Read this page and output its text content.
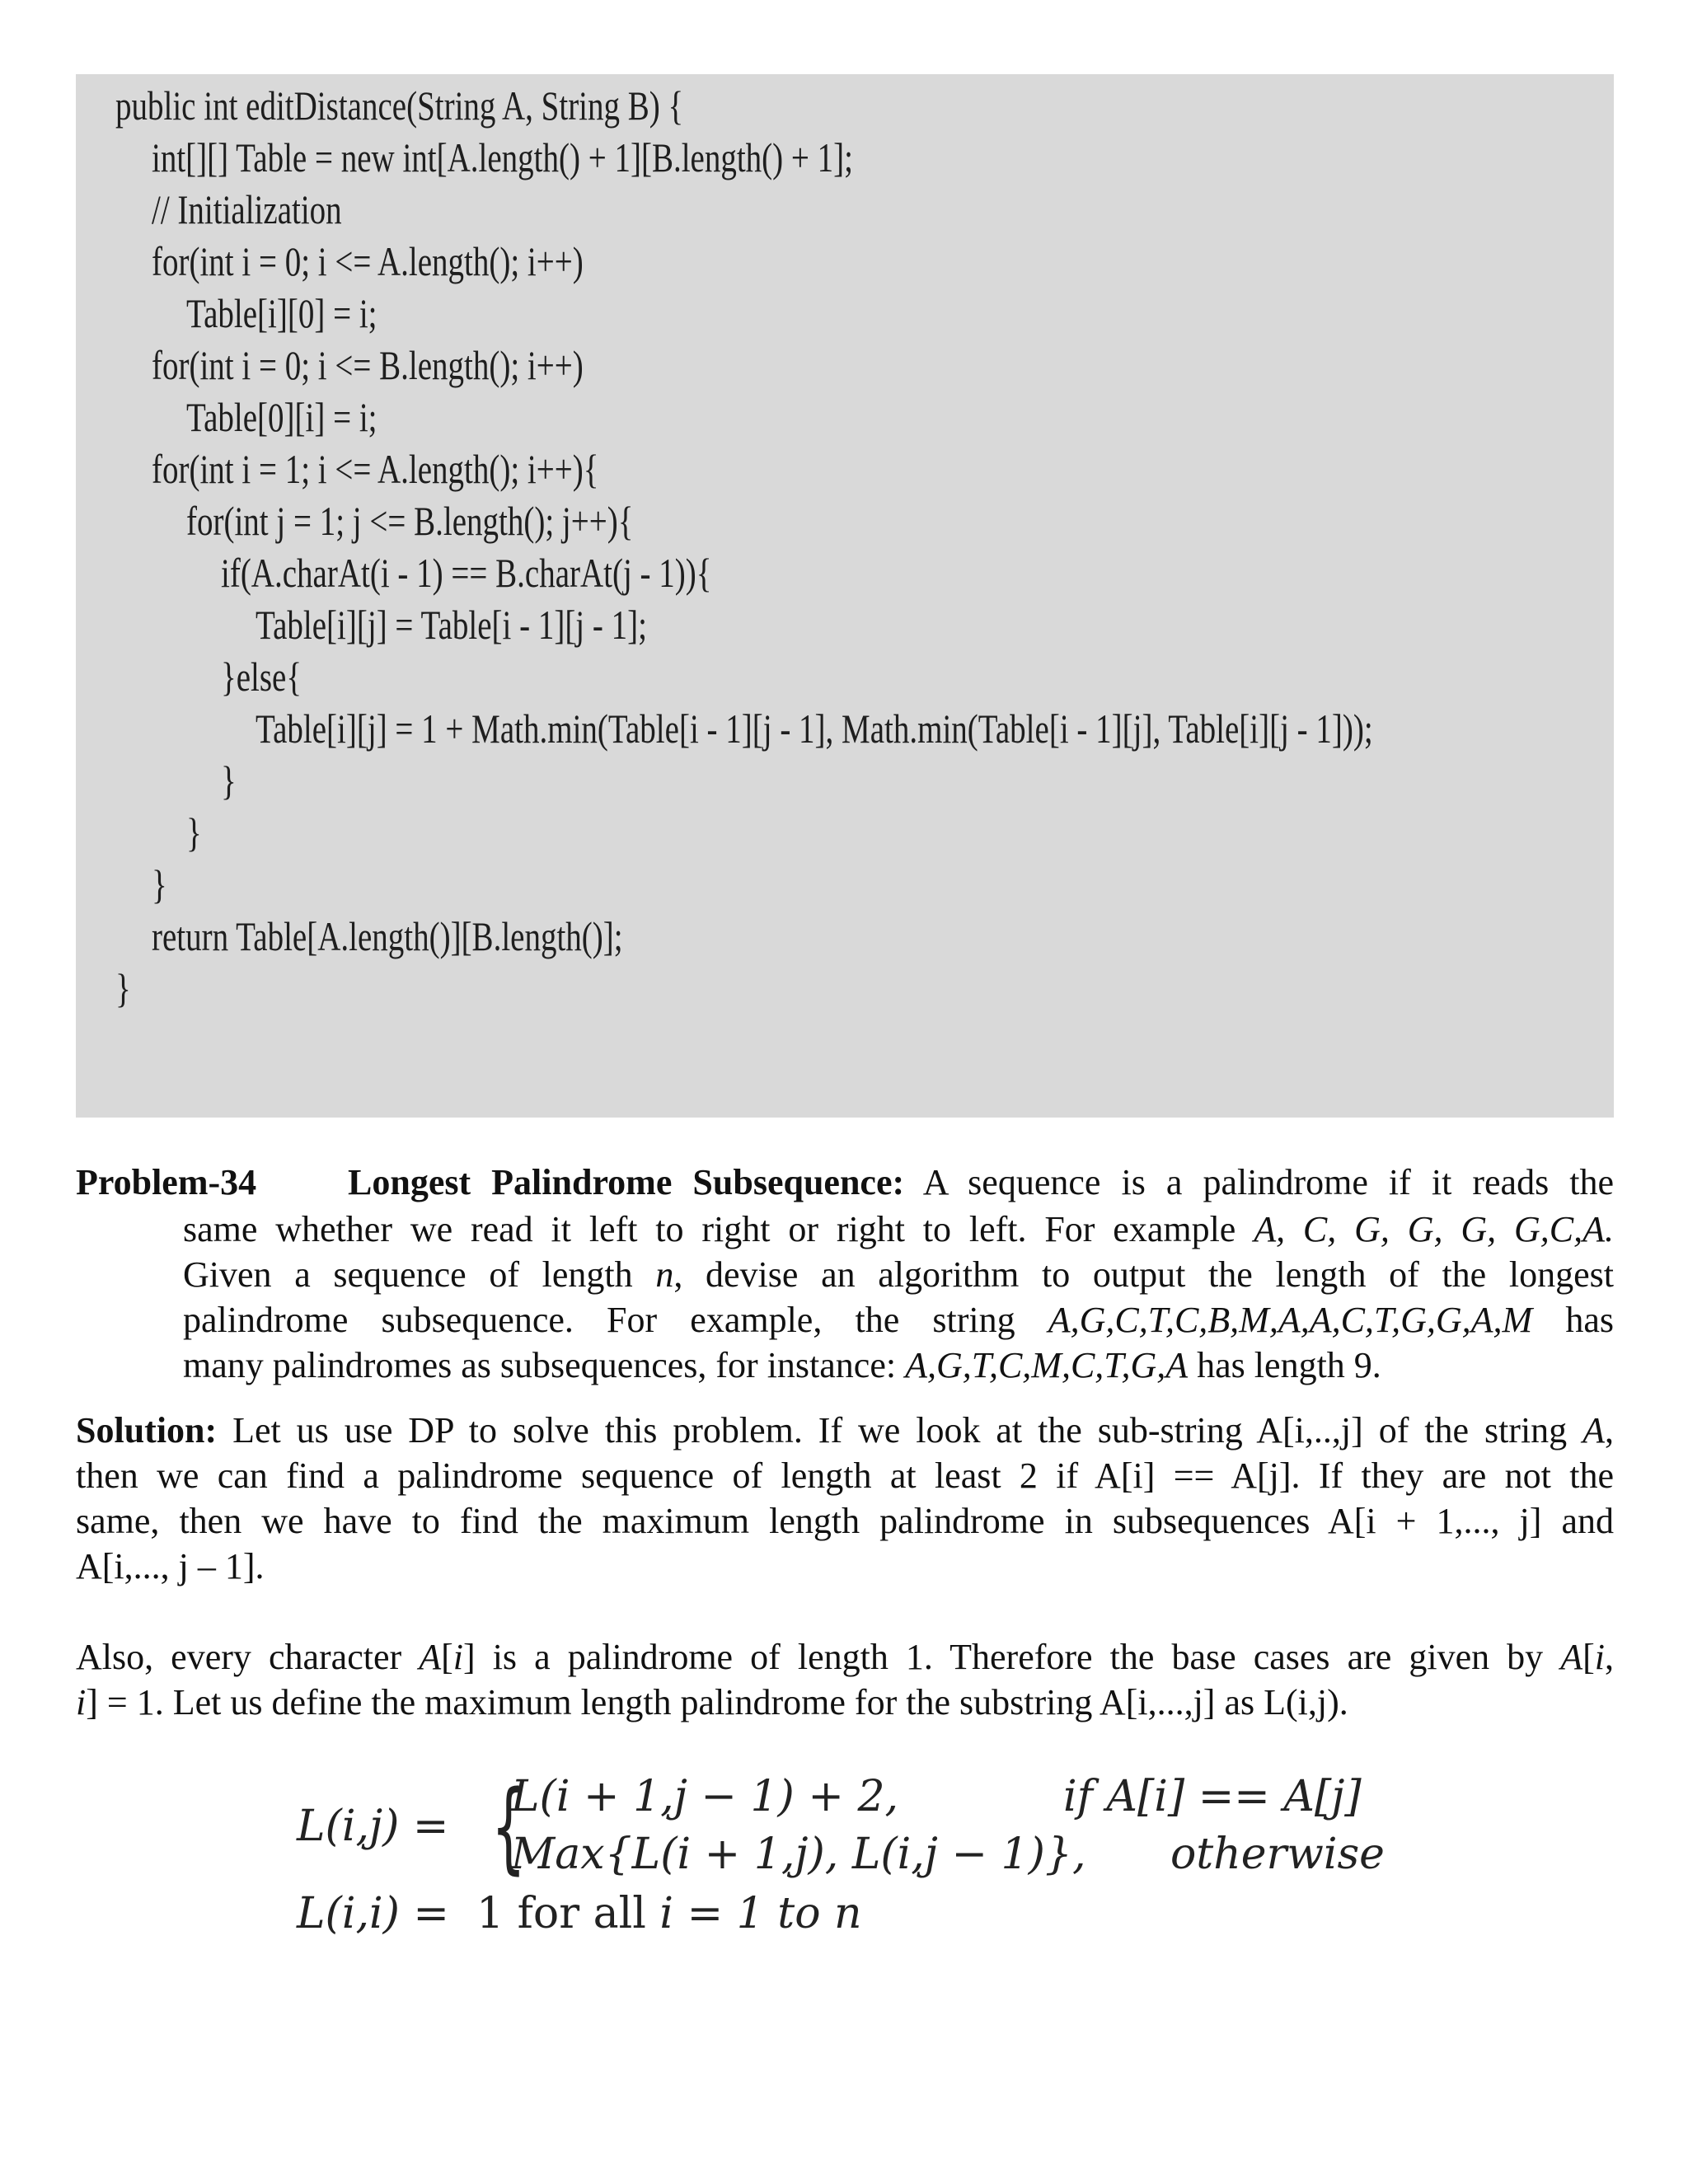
public int editDistance(String A, String B) {
int[][] Table = new int[A.length() + 1][B.length() + 1];
// Initialization
for(int i = 0; i <= A.length(); i++)
Table[i][0] = i;
for(int i = 0; i <= B.length(); i++)
Table[0][i] = i;
for(int i = 1; i <= A.length(); i++){
for(int j = 1; j <= B.length(); j++){
if(A.charAt(i - 1) == B.charAt(j - 1)){
Table[i][j] = Table[i - 1][j - 1];
}else{
Table[i][j] = 1 + Math.min(Table[i - 1][j - 1], Math.min(Table[i - 1][j], Table[i][j - 1]));
}
}
}
return Table[A.length()][B.length()];
}
Problem-34	Longest Palindrome Subsequence: A sequence is a palindrome if it reads the
same whether we read it left to right or right to left. For example A, C, G, G, G, G,C,A.
Given a sequence of length n, devise an algorithm to output the length of the longest
palindrome subsequence. For example, the string A,G,C,T,C,B,M,A,A,C,T,G,G,A,M has
many palindromes as subsequences, for instance: A,G,T,C,M,C,T,G,A has length 9.
Solution: Let us use DP to solve this problem. If we look at the sub-string A[i,..,j] of the string A,
then we can find a palindrome sequence of length at least 2 if A[i] == A[j]. If they are not the
same, then we have to find the maximum length palindrome in subsequences A[i + 1,..., j] and
A[i,..., j – 1].
Also, every character A[i] is a palindrome of length 1. Therefore the base cases are given by A[i,
i] = 1. Let us define the maximum length palindrome for the substring A[i,...,j] as L(i,j).
L(i,j) = {
L(i + 1,j − 1) + 2,	if A[i] == A[j]
Max{L(i + 1,j), L(i,j − 1)}, otherwise
L(i,i) = 1 for all i = 1 to n
